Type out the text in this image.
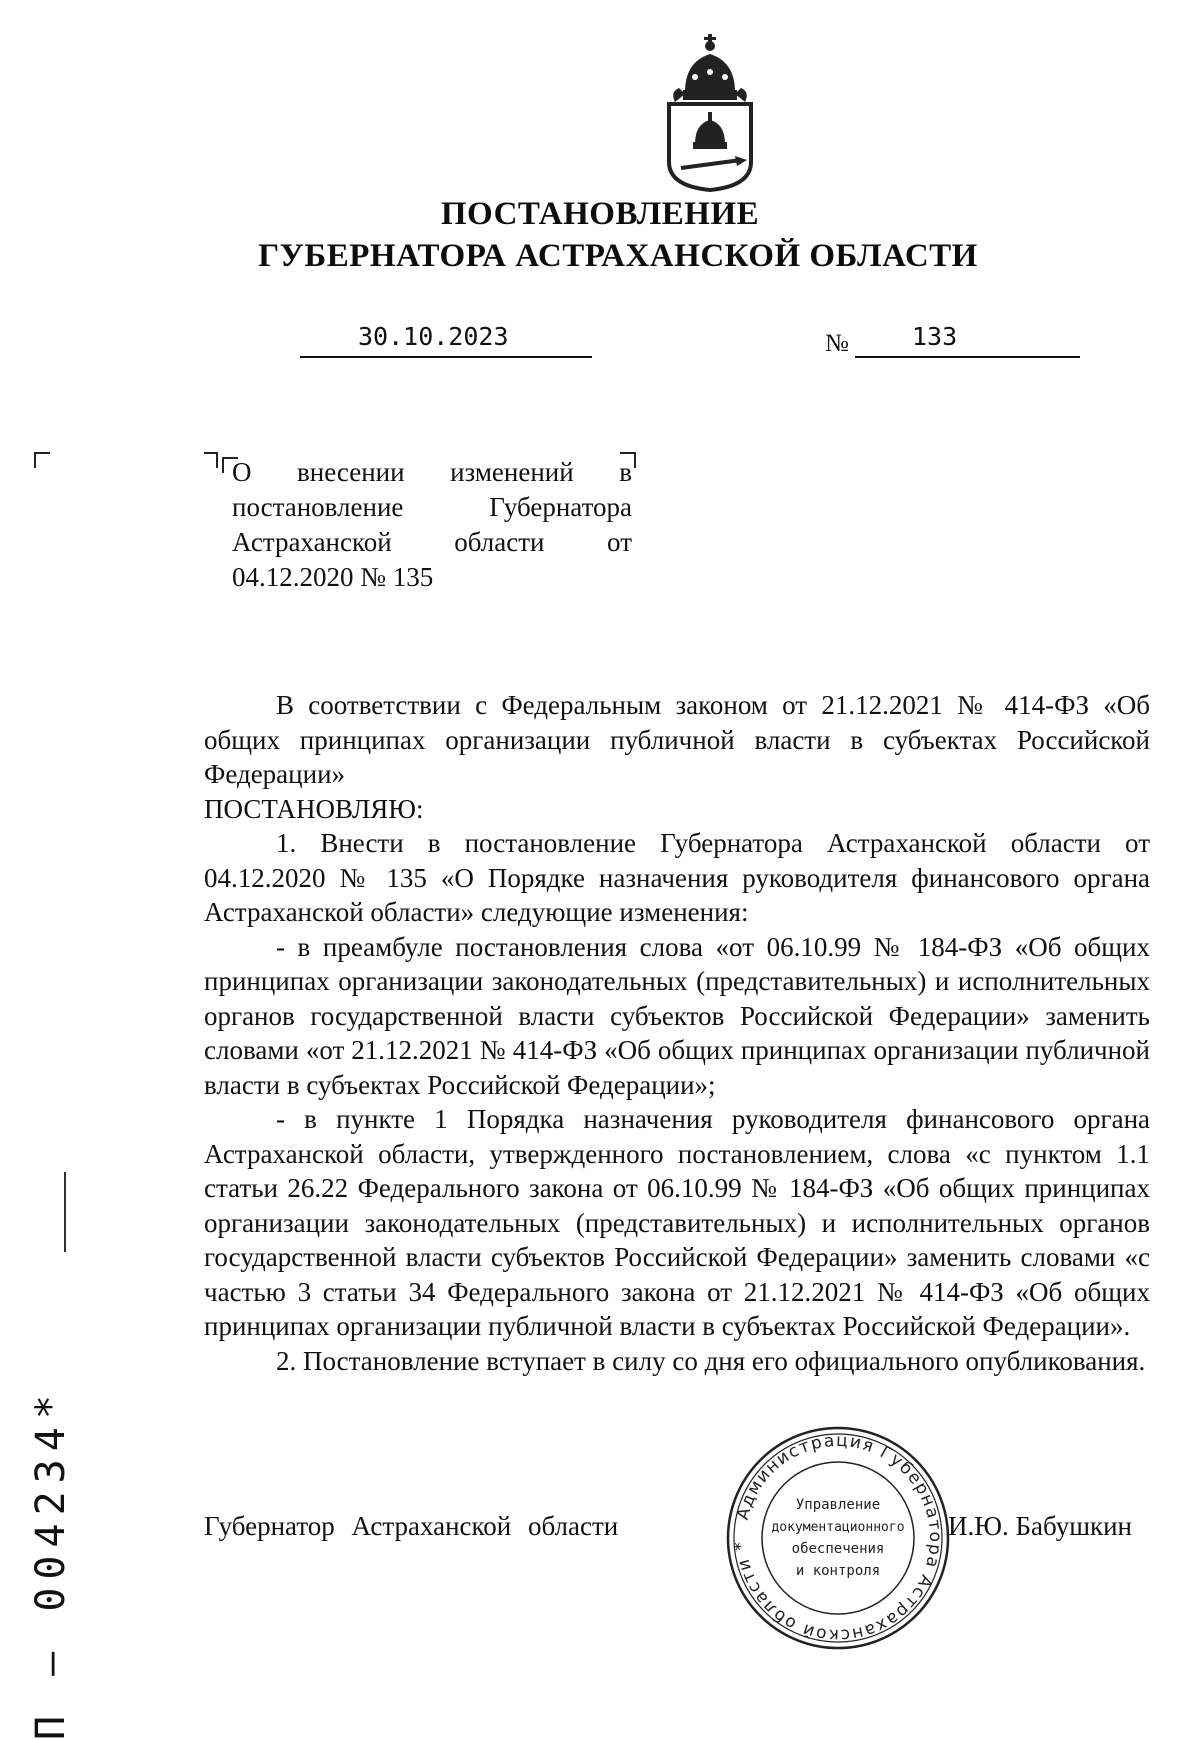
ПОСТАНОВЛЕНИЕ
ГУБЕРНАТОРА АСТРАХАНСКОЙ ОБЛАСТИ
30.10.2023	№	133
О внесении изменений в постановление Губернатора Астраханской области от 04.12.2020 № 135

В соответствии с Федеральным законом от 21.12.2021 № 414-ФЗ «Об общих принципах организации публичной власти в субъектах Российской Федерации»

ПОСТАНОВЛЯЮ:

1. Внести в постановление Губернатора Астраханской области от 04.12.2020 № 135 «О Порядке назначения руководителя финансового органа Астраханской области» следующие изменения:

- в преамбуле постановления слова «от 06.10.99 № 184-ФЗ «Об общих принципах организации законодательных (представительных) и исполнительных органов государственной власти субъектов Российской Федерации» заменить словами «от 21.12.2021 № 414-ФЗ «Об общих принципах организации публичной власти в субъектах Российской Федерации»;

- в пункте 1 Порядка назначения руководителя финансового органа Астраханской области, утвержденного постановлением, слова «с пунктом 1.1 статьи 26.22 Федерального закона от 06.10.99 № 184-ФЗ «Об общих принципах организации законодательных (представительных) и исполнительных органов государственной власти субъектов Российской Федерации» заменить словами «с частью 3 статьи 34 Федерального закона от 21.12.2021 № 414-ФЗ «Об общих принципах организации публичной власти в субъектах Российской Федерации».

2. Постановление вступает в силу со дня его официального опубликования.

Губернатор Астраханской области	И.Ю. Бабушкин
Администрация Губернатора Астраханской области *
Управление
документационного
обеспечения
и контроля
П – 004234*
